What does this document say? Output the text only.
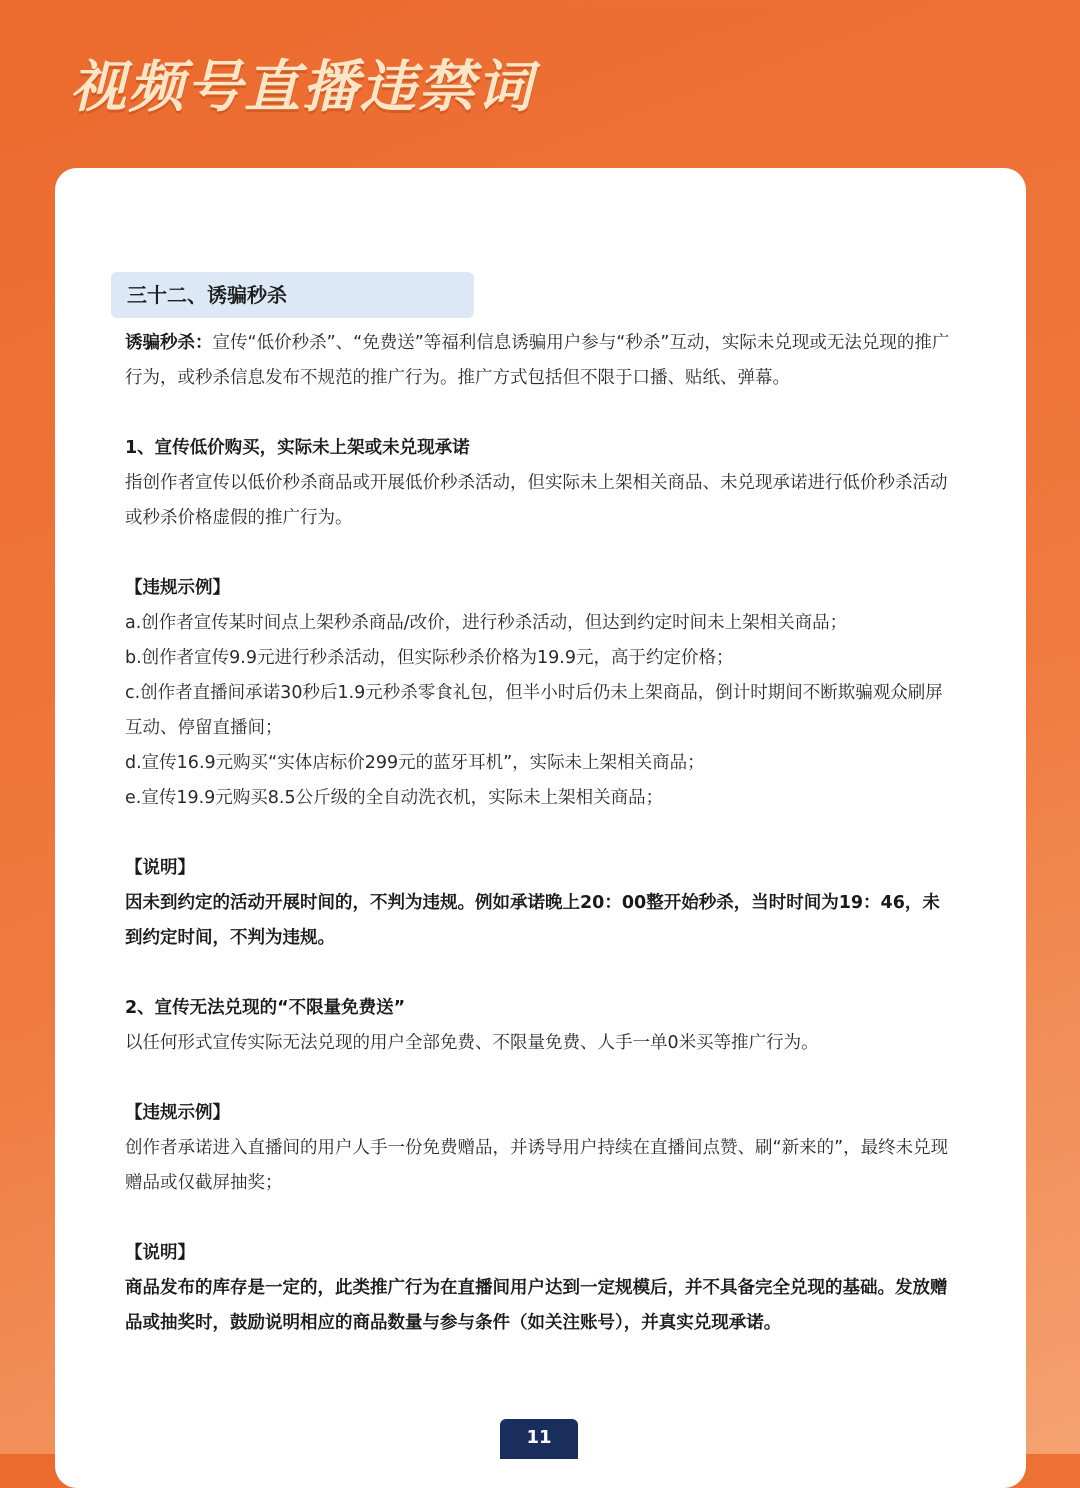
视频号直播违禁词
三十二、诱骗秒杀

诱骗秒杀：宣传“低价秒杀”、“免费送”等福利信息诱骗用户参与“秒杀”互动，实际未兑现或无法兑现的推广行为，或秒杀信息发布不规范的推广行为。推广方式包括但不限于口播、贴纸、弹幕。

1、宣传低价购买，实际未上架或未兑现承诺

指创作者宣传以低价秒杀商品或开展低价秒杀活动，但实际未上架相关商品、未兑现承诺进行低价秒杀活动或秒杀价格虚假的推广行为。

【违规示例】

a.创作者宣传某时间点上架秒杀商品/改价，进行秒杀活动，但达到约定时间未上架相关商品；

b.创作者宣传9.9元进行秒杀活动，但实际秒杀价格为19.9元，高于约定价格；

c.创作者直播间承诺30秒后1.9元秒杀零食礼包，但半小时后仍未上架商品，倒计时期间不断欺骗观众刷屏互动、停留直播间；

d.宣传16.9元购买“实体店标价299元的蓝牙耳机”，实际未上架相关商品；

e.宣传19.9元购买8.5公斤级的全自动洗衣机，实际未上架相关商品；

【说明】

因未到约定的活动开展时间的，不判为违规。例如承诺晚上20：00整开始秒杀，当时时间为19：46，未到约定时间，不判为违规。

2、宣传无法兑现的“不限量免费送”

以任何形式宣传实际无法兑现的用户全部免费、不限量免费、人手一单0米买等推广行为。

【违规示例】

创作者承诺进入直播间的用户人手一份免费赠品，并诱导用户持续在直播间点赞、刷“新来的”，最终未兑现赠品或仅截屏抽奖；

【说明】

商品发布的库存是一定的，此类推广行为在直播间用户达到一定规模后，并不具备完全兑现的基础。发放赠品或抽奖时，鼓励说明相应的商品数量与参与条件（如关注账号），并真实兑现承诺。

11
